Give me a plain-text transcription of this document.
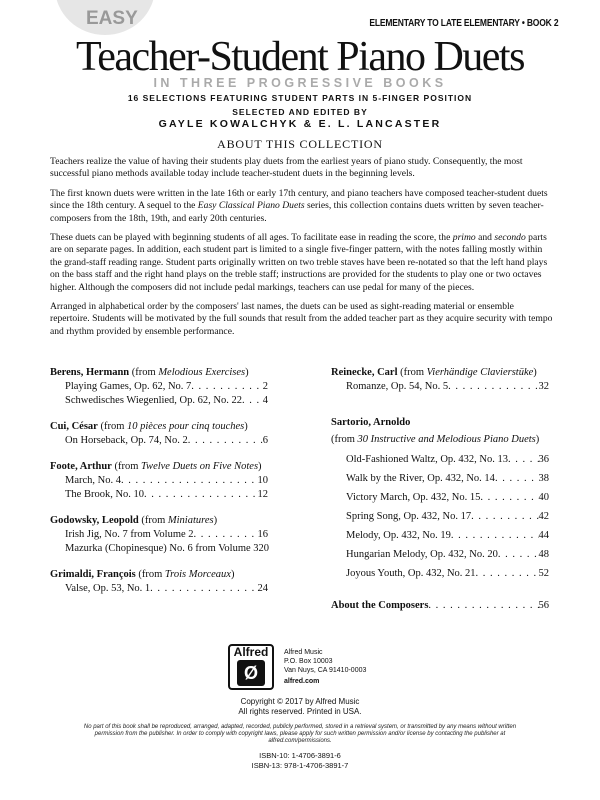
EASY	ELEMENTARY TO LATE ELEMENTARY • BOOK 2
Teacher-Student Piano Duets
IN THREE PROGRESSIVE BOOKS
16 SELECTIONS FEATURING STUDENT PARTS IN 5-FINGER POSITION
SELECTED AND EDITED BY
GAYLE KOWALCHYK & E. L. LANCASTER
ABOUT THIS COLLECTION

Teachers realize the value of having their students play duets from the earliest years of piano study. Consequently, the most successful piano methods available today include teacher-student duets in the beginning levels.

The first known duets were written in the late 16th or early 17th century, and piano teachers have composed teacher-student duets since the 18th century. A sequel to the Easy Classical Piano Duets series, this collection contains duets written by seven teacher-composers from the 18th, 19th, and early 20th centuries.

These duets can be played with beginning students of all ages. To facilitate ease in reading the score, the primo and secondo parts are on separate pages. In addition, each student part is limited to a single five-finger pattern, with the notes falling mostly within the grand-staff reading range. Student parts originally written on two treble staves have been re-notated so that the left hand plays on the bass staff and the right hand plays on the treble staff; instructions are provided for the students to play one or two octaves higher. Although the composers did not include pedal markings, teachers can use pedal for many of the pieces.

Arranged in alphabetical order by the composers' last names, the duets can be used as sight-reading material or ensemble repertoire. Students will be motivated by the full sounds that result from the added teacher part as they acquire security with tempo and rhythm provided by ensemble performance.

Berens, Hermann (from Melodious Exercises)
Playing Games, Op. 62, No. 7 . . .	2
Schwedisches Wiegenlied, Op. 62, No. 22 . . . 4
Cui, César (from 10 pièces pour cinq touches)
On Horseback, Op. 74, No. 2 . . .	6
Foote, Arthur (from Twelve Duets on Five Notes)
March, No. 4 . . .	10
The Brook, No. 10 . . .	12
Godowsky, Leopold (from Miniatures)
Irish Jig, No. 7 from Volume 2 . . .	16
Mazurka (Chopinesque) No. 6 from Volume 3 20
Grimaldi, François (from Trois Morceaux)
Valse, Op. 53, No. 1 . . .	24
Reinecke, Carl (from Vierhändige Clavierstüke)
Romanze, Op. 54, No. 5 . . .	32
Sartorio, Arnoldo
(from 30 Instructive and Melodious Piano Duets)
Old-Fashioned Waltz, Op. 432, No. 13 . . .	36
Walk by the River, Op. 432, No. 14 . . .	38
Victory March, Op. 432, No. 15 . . .	40
Spring Song, Op. 432, No. 17 . . .	42
Melody, Op. 432, No. 19 . . .	44
Hungarian Melody, Op. 432, No. 20 . . .	48
Joyous Youth, Op. 432, No. 21 . . .	52
About the Composers . . .	56
Alfred
Ø
Alfred Music
P.O. Box 10003
Van Nuys, CA 91410-0003
alfred.com
Copyright © 2017 by Alfred Music
All rights reserved. Printed in USA.
No part of this book shall be reproduced, arranged, adapted, recorded, publicly performed, stored in a retrieval system, or transmitted by any means without written permission from the publisher. In order to comply with copyright laws, please apply for such written permission and/or license by contacting the publisher at alfred.com/permissions.
ISBN-10: 1-4706-3891-6
ISBN-13: 978-1-4706-3891-7
